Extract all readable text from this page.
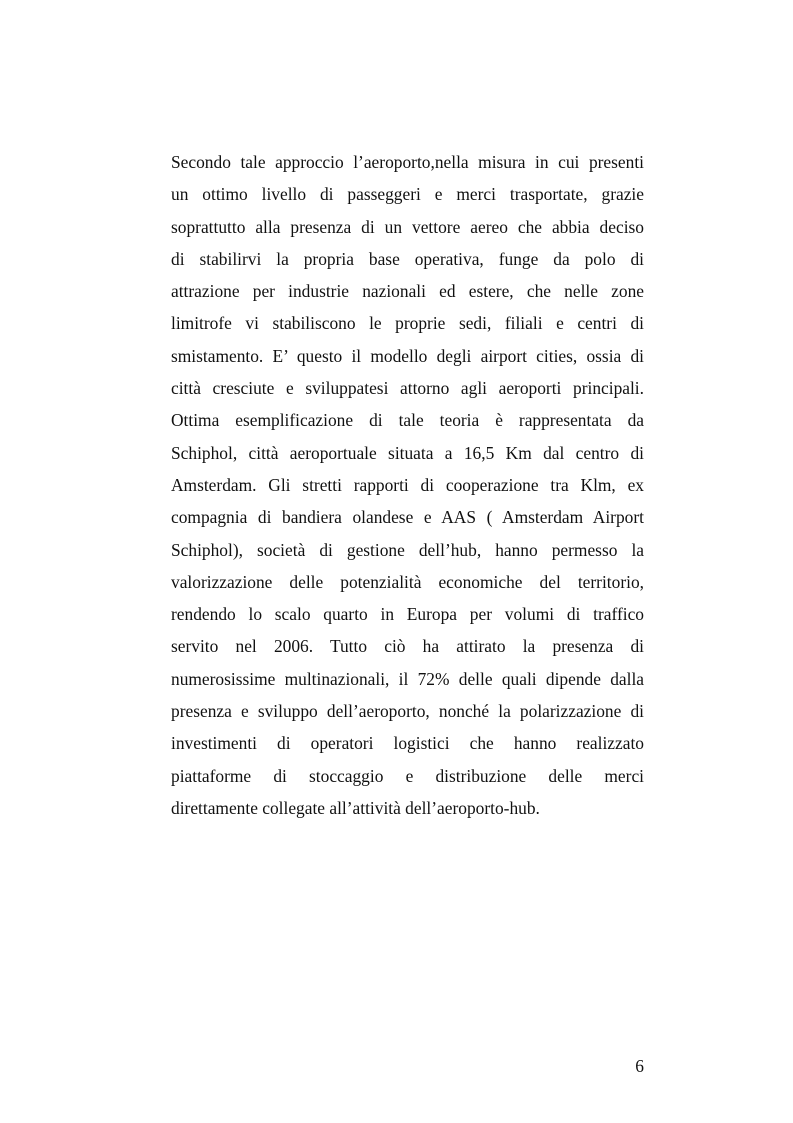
Secondo tale approccio l’aeroporto,nella misura in cui presenti
un ottimo livello di passeggeri e merci trasportate, grazie
soprattutto alla presenza di un vettore aereo che abbia deciso
di stabilirvi la propria base operativa, funge da polo di
attrazione per industrie nazionali ed estere, che nelle zone
limitrofe vi stabiliscono le proprie sedi, filiali e centri di
smistamento. E’ questo il modello degli airport cities, ossia di
città cresciute e sviluppatesi attorno agli aeroporti principali.
Ottima esemplificazione di tale teoria è rappresentata da
Schiphol, città aeroportuale situata a 16,5 Km dal centro di
Amsterdam. Gli stretti rapporti di cooperazione tra Klm, ex
compagnia di bandiera olandese e AAS ( Amsterdam Airport
Schiphol), società di gestione dell’hub, hanno permesso la
valorizzazione delle potenzialità economiche del territorio,
rendendo lo scalo quarto in Europa per volumi di traffico
servito nel 2006. Tutto ciò ha attirato la presenza di
numerosissime multinazionali, il 72% delle quali dipende dalla
presenza e sviluppo dell’aeroporto, nonché la polarizzazione di
investimenti di operatori logistici che hanno realizzato
piattaforme di stoccaggio e distribuzione delle merci
direttamente collegate all’attività dell’aeroporto-hub.
6
